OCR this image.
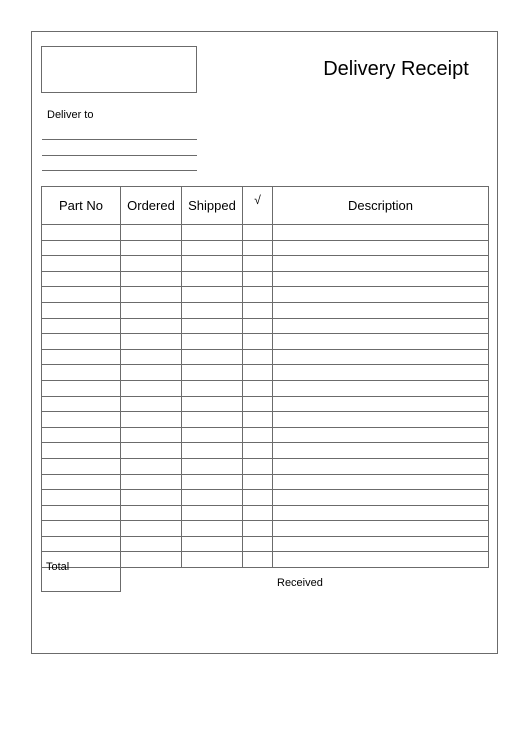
Delivery Receipt
Deliver to
Part No	Ordered	Shipped	√	Description

Total
Received
